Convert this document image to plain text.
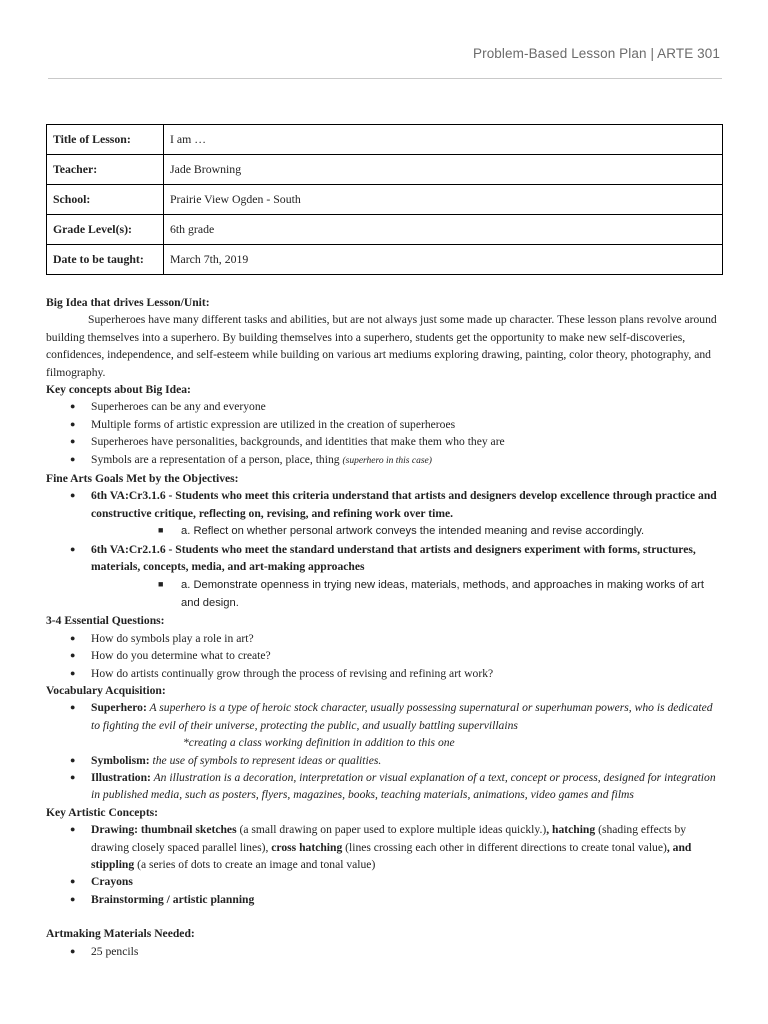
Problem-Based Lesson Plan | ARTE 301
Title of Lesson:	I am …
Teacher:	Jade Browning
School:	Prairie View Ogden - South
Grade Level(s):	6th grade
Date to be taught:	March 7th, 2019
Big Idea that drives Lesson/Unit:
Superheroes have many different tasks and abilities, but are not always just some made up character. These lesson plans revolve around building themselves into a superhero. By building themselves into a superhero, students get the opportunity to make new self-discoveries, confidences, independence, and self-esteem while building on various art mediums exploring drawing, painting, color theory, photography, and filmography.
Key concepts about Big Idea:
● Superheroes can be any and everyone
● Multiple forms of artistic expression are utilized in the creation of superheroes
● Superheroes have personalities, backgrounds, and identities that make them who they are
● Symbols are a representation of a person, place, thing (superhero in this case)
Fine Arts Goals Met by the Objectives:
● 6th VA:Cr3.1.6 - Students who meet this criteria understand that artists and designers develop excellence through practice and constructive critique, reflecting on, revising, and refining work over time.
■ a. Reflect on whether personal artwork conveys the intended meaning and revise accordingly.
● 6th VA:Cr2.1.6 - Students who meet the standard understand that artists and designers experiment with forms, structures, materials, concepts, media, and art-making approaches
■ a. Demonstrate openness in trying new ideas, materials, methods, and approaches in making works of art and design.
3-4 Essential Questions:
● How do symbols play a role in art?
● How do you determine what to create?
● How do artists continually grow through the process of revising and refining art work?
Vocabulary Acquisition:
● Superhero: A superhero is a type of heroic stock character, usually possessing supernatural or superhuman powers, who is dedicated to fighting the evil of their universe, protecting the public, and usually battling supervillains
*creating a class working definition in addition to this one
● Symbolism: the use of symbols to represent ideas or qualities.
● Illustration: An illustration is a decoration, interpretation or visual explanation of a text, concept or process, designed for integration in published media, such as posters, flyers, magazines, books, teaching materials, animations, video games and films
Key Artistic Concepts:
● Drawing: thumbnail sketches (a small drawing on paper used to explore multiple ideas quickly.), hatching (shading effects by drawing closely spaced parallel lines), cross hatching (lines crossing each other in different directions to create tonal value), and stippling (a series of dots to create an image and tonal value)
● Crayons
● Brainstorming / artistic planning
Artmaking Materials Needed:
● 25 pencils
